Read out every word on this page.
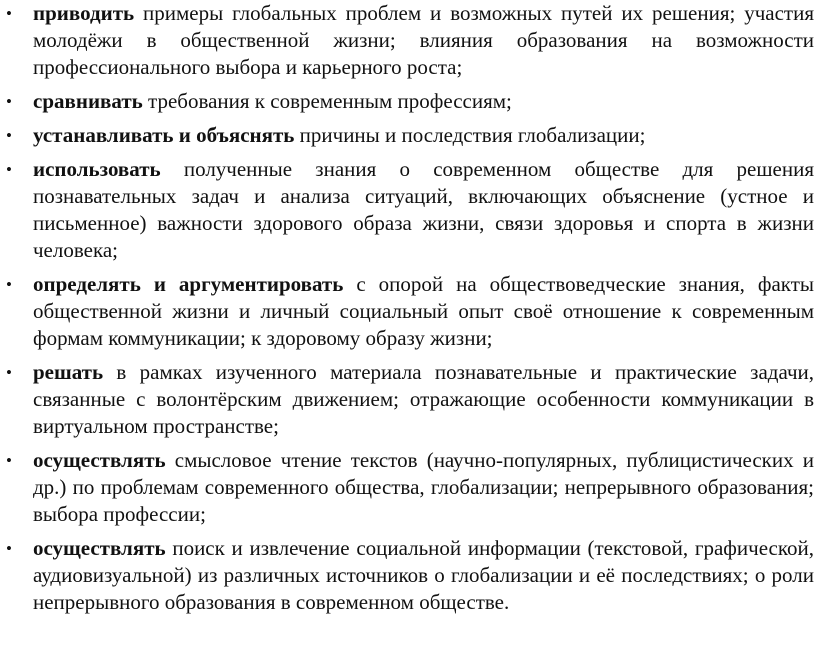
• приводить примеры глобальных проблем и возможных путей их решения; участия молодёжи в общественной жизни; влияния образования на возможности профессионального выбора и карьерного роста;
• сравнивать требования к современным профессиям;
• устанавливать и объяснять причины и последствия глобализации;
• использовать полученные знания о современном обществе для решения познавательных задач и анализа ситуаций, включающих объяснение (устное и письменное) важности здорового образа жизни, связи здоровья и спорта в жизни человека;
• определять и аргументировать с опорой на обществоведческие знания, факты общественной жизни и личный социальный опыт своё отношение к современным формам коммуникации; к здоровому образу жизни;
• решать в рамках изученного материала познавательные и практические задачи, связанные с волонтёрским движением; отражающие особенности коммуникации в виртуальном пространстве;
• осуществлять смысловое чтение текстов (научно-популярных, публицистических и др.) по проблемам современного общества, глобализации; непрерывного образования; выбора профессии;
• осуществлять поиск и извлечение социальной информации (текстовой, графической, аудиовизуальной) из различных источников о глобализации и её последствиях; о роли непрерывного образования в современном обществе.
